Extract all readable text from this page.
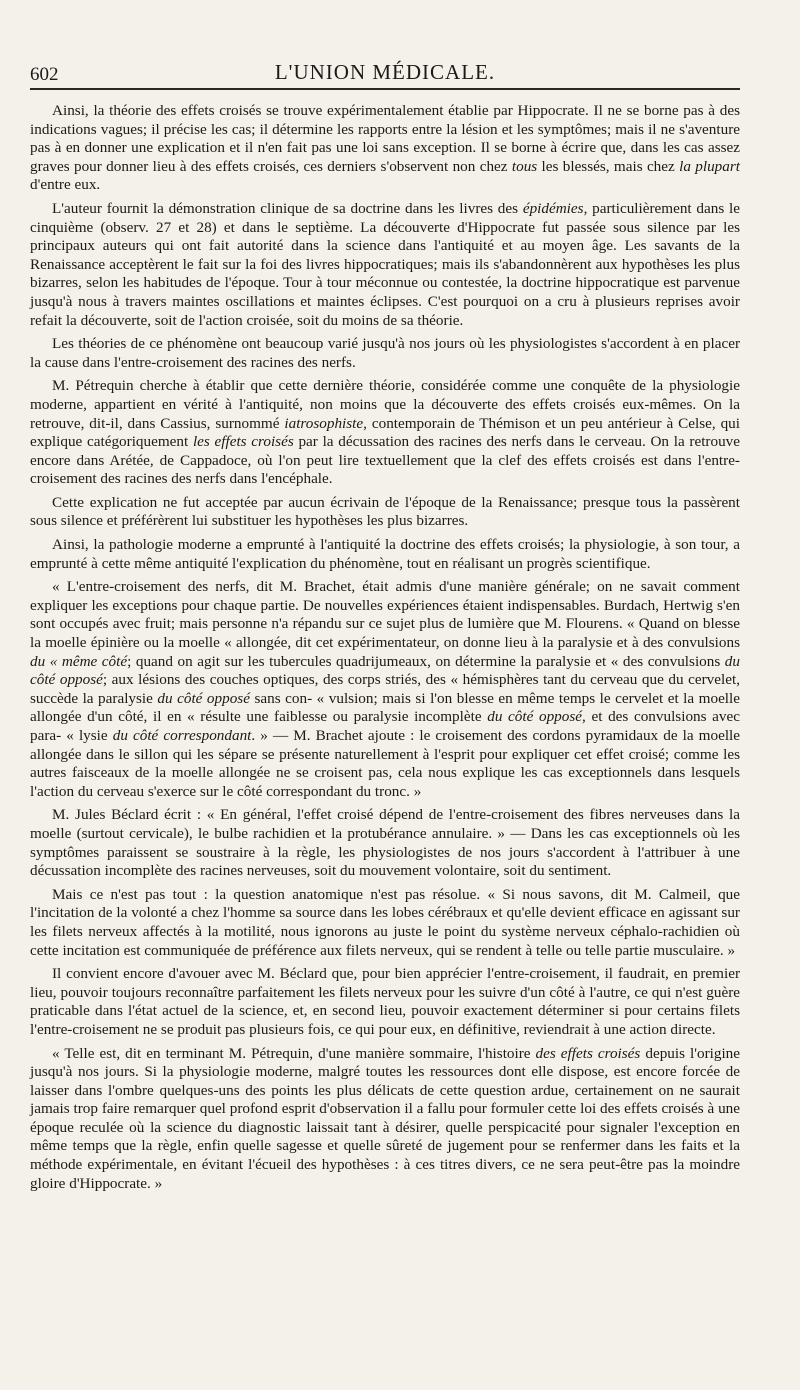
602	L'UNION MÉDICALE.

Ainsi, la théorie des effets croisés se trouve expérimentalement établie par Hippocrate. Il ne se borne pas à des indications vagues; il précise les cas; il détermine les rapports entre la lésion et les symptômes; mais il ne s'aventure pas à en donner une explication et il n'en fait pas une loi sans exception. Il se borne à écrire que, dans les cas assez graves pour donner lieu à des effets croisés, ces derniers s'observent non chez tous les blessés, mais chez la plupart d'entre eux.

L'auteur fournit la démonstration clinique de sa doctrine dans les livres des épidémies, particulièrement dans le cinquième (observ. 27 et 28) et dans le septième. La découverte d'Hippocrate fut passée sous silence par les principaux auteurs qui ont fait autorité dans la science dans l'antiquité et au moyen âge. Les savants de la Renaissance acceptèrent le fait sur la foi des livres hippocratiques; mais ils s'abandonnèrent aux hypothèses les plus bizarres, selon les habitudes de l'époque. Tour à tour méconnue ou contestée, la doctrine hippocratique est parvenue jusqu'à nous à travers maintes oscillations et maintes éclipses. C'est pourquoi on a cru à plusieurs reprises avoir refait la découverte, soit de l'action croisée, soit du moins de sa théorie.

Les théories de ce phénomène ont beaucoup varié jusqu'à nos jours où les physiologistes s'accordent à en placer la cause dans l'entre-croisement des racines des nerfs.

M. Pétrequin cherche à établir que cette dernière théorie, considérée comme une conquête de la physiologie moderne, appartient en vérité à l'antiquité, non moins que la découverte des effets croisés eux-mêmes. On la retrouve, dit-il, dans Cassius, surnommé iatrosophiste, contemporain de Thémison et un peu antérieur à Celse, qui explique catégoriquement les effets croisés par la décussation des racines des nerfs dans le cerveau. On la retrouve encore dans Arétée, de Cappadoce, où l'on peut lire textuellement que la clef des effets croisés est dans l'entre-croisement des racines des nerfs dans l'encéphale.

Cette explication ne fut acceptée par aucun écrivain de l'époque de la Renaissance; presque tous la passèrent sous silence et préférèrent lui substituer les hypothèses les plus bizarres.

Ainsi, la pathologie moderne a emprunté à l'antiquité la doctrine des effets croisés; la physiologie, à son tour, a emprunté à cette même antiquité l'explication du phénomène, tout en réalisant un progrès scientifique.

« L'entre-croisement des nerfs, dit M. Brachet, était admis d'une manière générale; on ne savait comment expliquer les exceptions pour chaque partie. De nouvelles expériences étaient indispensables. Burdach, Hertwig s'en sont occupés avec fruit; mais personne n'a répandu sur ce sujet plus de lumière que M. Flourens. « Quand on blesse la moelle épinière ou la moelle « allongée, dit cet expérimentateur, on donne lieu à la paralysie et à des convulsions du « même côté; quand on agit sur les tubercules quadrijumeaux, on détermine la paralysie et « des convulsions du côté opposé; aux lésions des couches optiques, des corps striés, des « hémisphères tant du cerveau que du cervelet, succède la paralysie du côté opposé sans con- « vulsion; mais si l'on blesse en même temps le cervelet et la moelle allongée d'un côté, il en « résulte une faiblesse ou paralysie incomplète du côté opposé, et des convulsions avec para- « lysie du côté correspondant. » — M. Brachet ajoute : le croisement des cordons pyramidaux de la moelle allongée dans le sillon qui les sépare se présente naturellement à l'esprit pour expliquer cet effet croisé; comme les autres faisceaux de la moelle allongée ne se croisent pas, cela nous explique les cas exceptionnels dans lesquels l'action du cerveau s'exerce sur le côté correspondant du tronc. »

M. Jules Béclard écrit : « En général, l'effet croisé dépend de l'entre-croisement des fibres nerveuses dans la moelle (surtout cervicale), le bulbe rachidien et la protubérance annulaire. » — Dans les cas exceptionnels où les symptômes paraissent se soustraire à la règle, les physiologistes de nos jours s'accordent à l'attribuer à une décussation incomplète des racines nerveuses, soit du mouvement volontaire, soit du sentiment.

Mais ce n'est pas tout : la question anatomique n'est pas résolue. « Si nous savons, dit M. Calmeil, que l'incitation de la volonté a chez l'homme sa source dans les lobes cérébraux et qu'elle devient efficace en agissant sur les filets nerveux affectés à la motilité, nous ignorons au juste le point du système nerveux céphalo-rachidien où cette incitation est communiquée de préférence aux filets nerveux, qui se rendent à telle ou telle partie musculaire. »

Il convient encore d'avouer avec M. Béclard que, pour bien apprécier l'entre-croisement, il faudrait, en premier lieu, pouvoir toujours reconnaître parfaitement les filets nerveux pour les suivre d'un côté à l'autre, ce qui n'est guère praticable dans l'état actuel de la science, et, en second lieu, pouvoir exactement déterminer si pour certains filets l'entre-croisement ne se produit pas plusieurs fois, ce qui pour eux, en définitive, reviendrait à une action directe.

« Telle est, dit en terminant M. Pétrequin, d'une manière sommaire, l'histoire des effets croisés depuis l'origine jusqu'à nos jours. Si la physiologie moderne, malgré toutes les ressources dont elle dispose, est encore forcée de laisser dans l'ombre quelques-uns des points les plus délicats de cette question ardue, certainement on ne saurait jamais trop faire remarquer quel profond esprit d'observation il a fallu pour formuler cette loi des effets croisés à une époque reculée où la science du diagnostic laissait tant à désirer, quelle perspicacité pour signaler l'exception en même temps que la règle, enfin quelle sagesse et quelle sûreté de jugement pour se renfermer dans les faits et la méthode expérimentale, en évitant l'écueil des hypothèses : à ces titres divers, ce ne sera peut-être pas la moindre gloire d'Hippocrate. »
